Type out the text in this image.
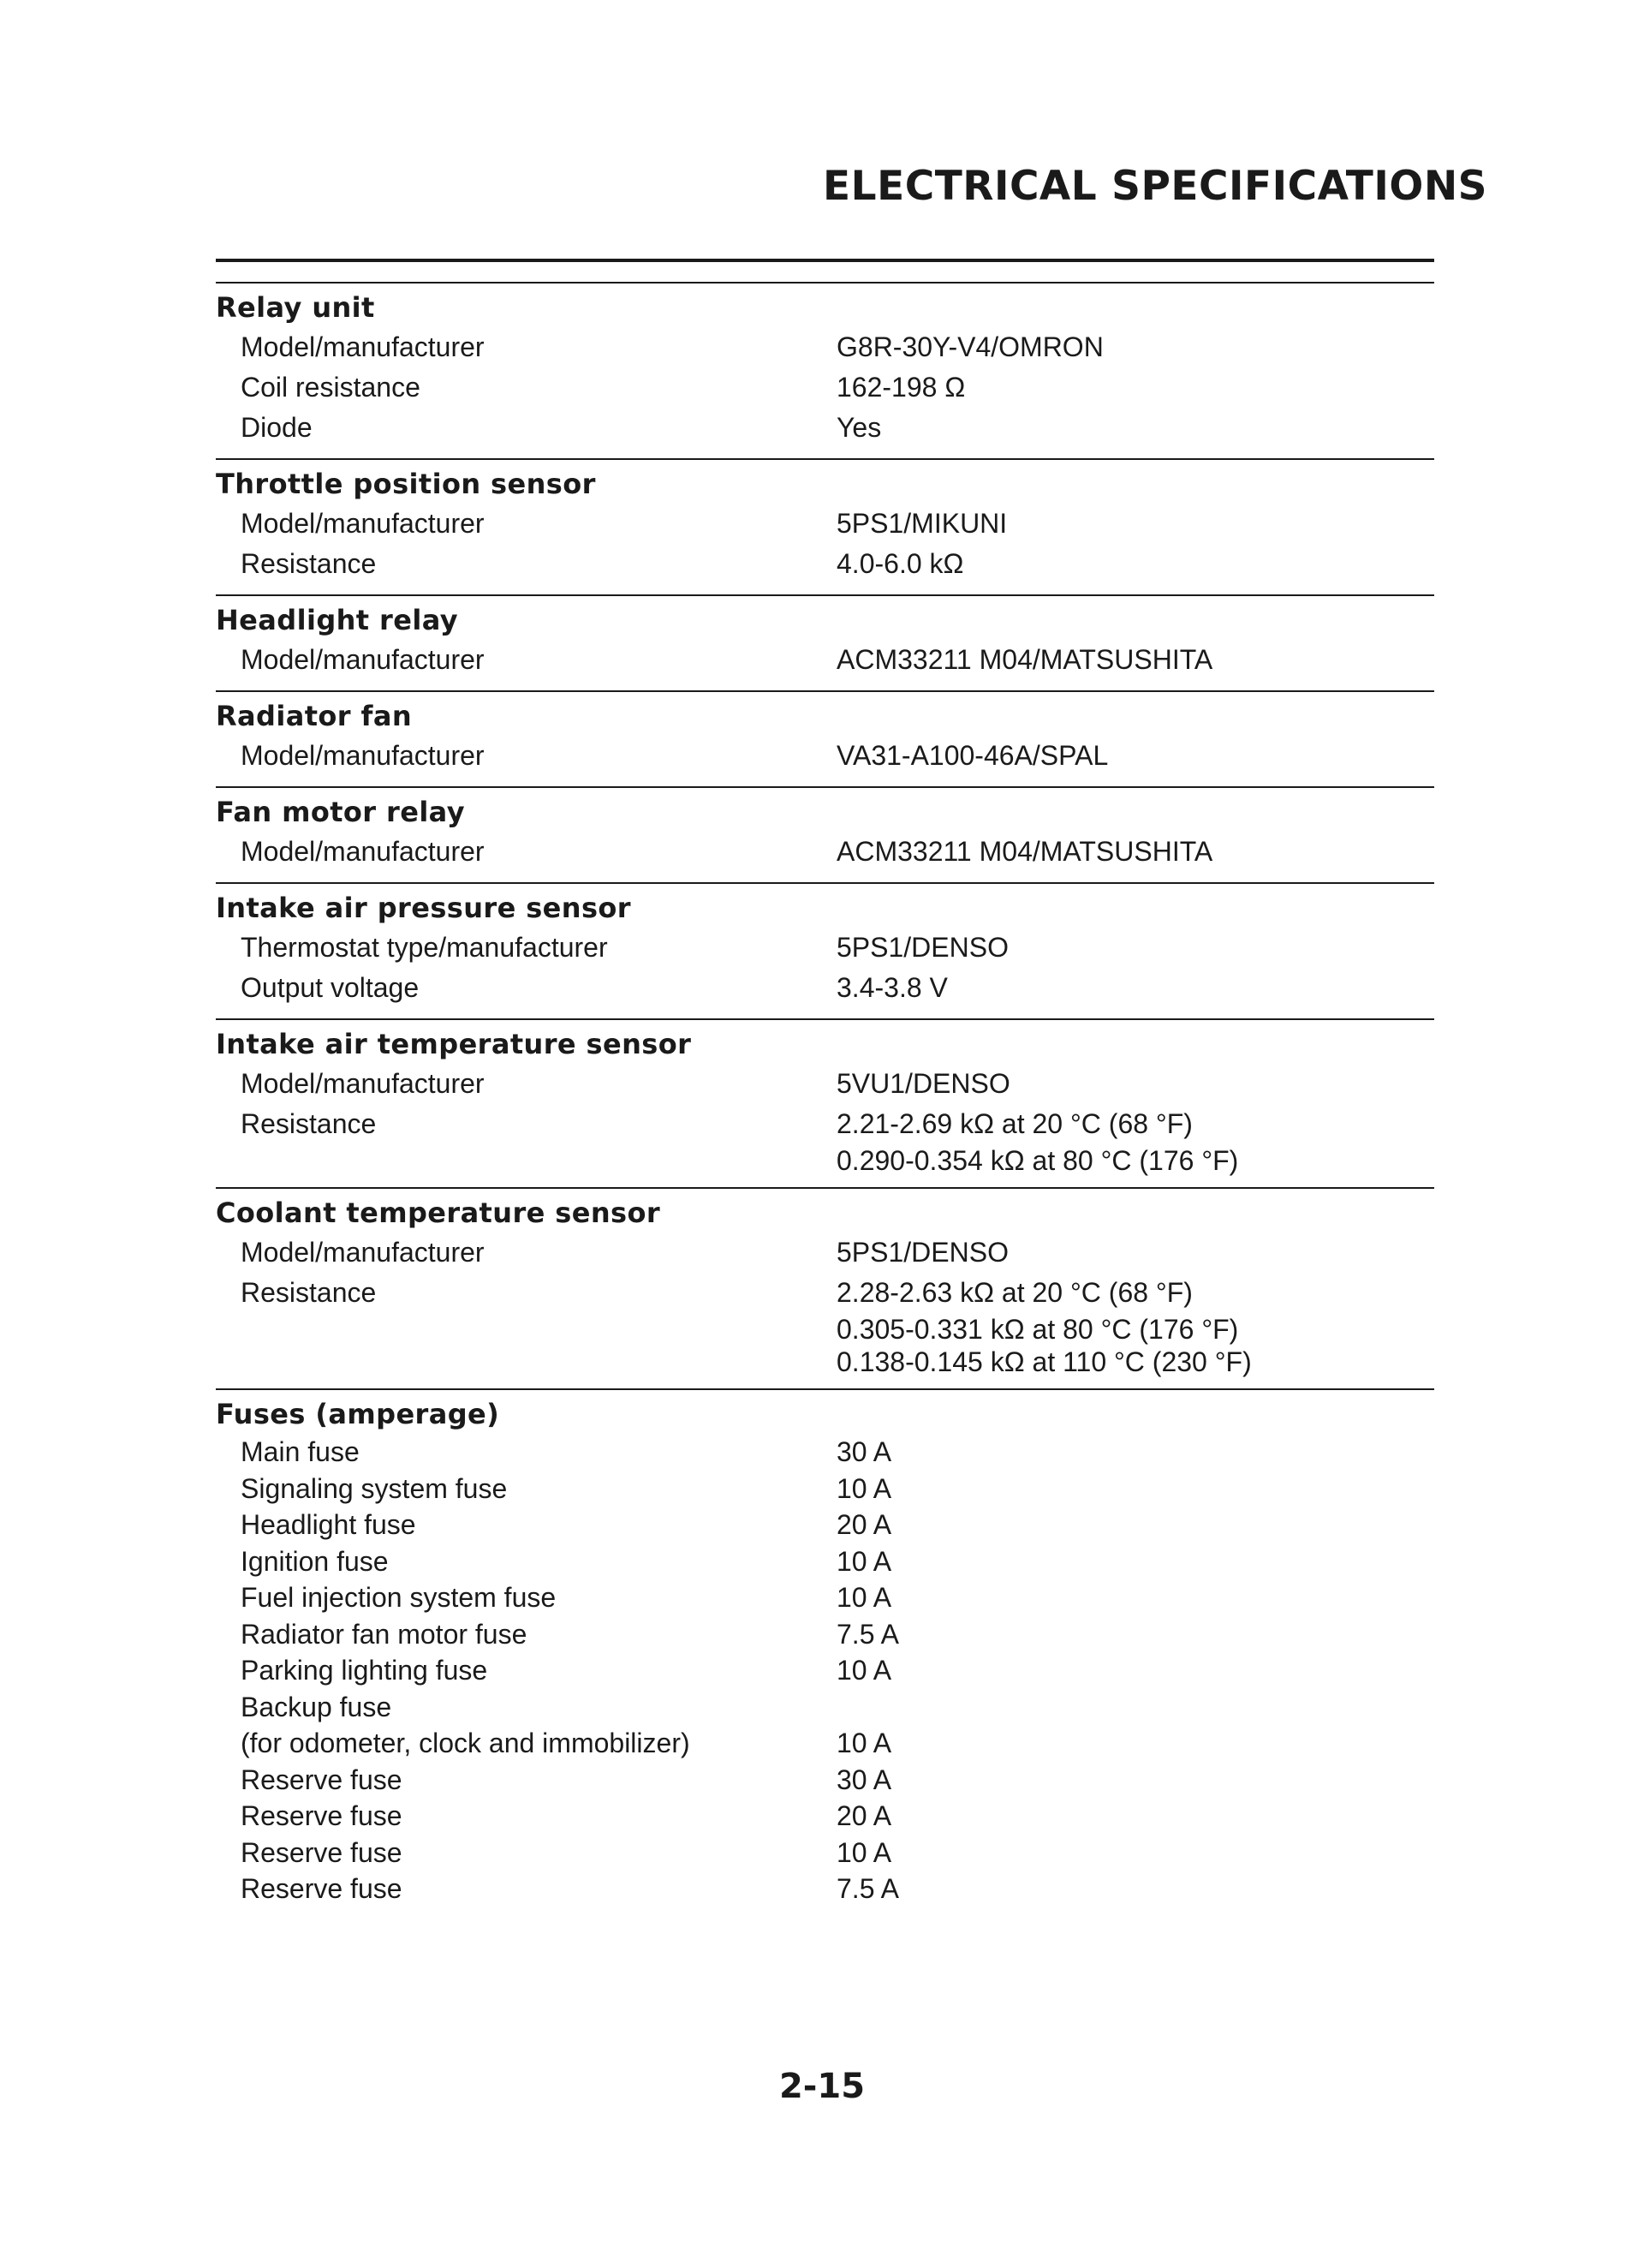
ELECTRICAL SPECIFICATIONS
Relay unit
Model/manufacturer	G8R-30Y-V4/OMRON
Coil resistance	162-198 Ω
Diode	Yes
Throttle position sensor
Model/manufacturer	5PS1/MIKUNI
Resistance	4.0-6.0 kΩ
Headlight relay
Model/manufacturer	ACM33211 M04/MATSUSHITA
Radiator fan
Model/manufacturer	VA31-A100-46A/SPAL
Fan motor relay
Model/manufacturer	ACM33211 M04/MATSUSHITA
Intake air pressure sensor
Thermostat type/manufacturer	5PS1/DENSO
Output voltage	3.4-3.8 V
Intake air temperature sensor
Model/manufacturer	5VU1/DENSO
Resistance	2.21-2.69 kΩ at 20 °C (68 °F)
0.290-0.354 kΩ at 80 °C (176 °F)
Coolant temperature sensor
Model/manufacturer	5PS1/DENSO
Resistance	2.28-2.63 kΩ at 20 °C (68 °F)
0.305-0.331 kΩ at 80 °C (176 °F)
0.138-0.145 kΩ at 110 °C (230 °F)
Fuses (amperage)
Main fuse	30 A
Signaling system fuse	10 A
Headlight fuse	20 A
Ignition fuse	10 A
Fuel injection system fuse	10 A
Radiator fan motor fuse	7.5 A
Parking lighting fuse	10 A
Backup fuse
(for odometer, clock and immobilizer)	10 A
Reserve fuse	30 A
Reserve fuse	20 A
Reserve fuse	10 A
Reserve fuse	7.5 A
2-15
